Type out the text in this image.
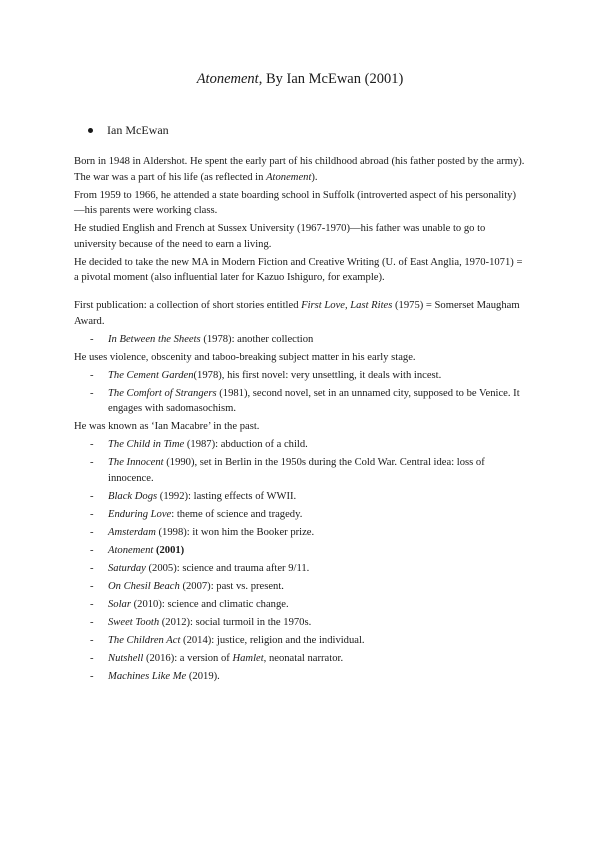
Atonement, By Ian McEwan (2001)
Ian McEwan

Born in 1948 in Aldershot. He spent the early part of his childhood abroad (his father posted by the army). The war was a part of his life (as reflected in Atonement).

From 1959 to 1966, he attended a state boarding school in Suffolk (introverted aspect of his personality)—his parents were working class.

He studied English and French at Sussex University (1967-1970)—his father was unable to go to university because of the need to earn a living.

He decided to take the new MA in Modern Fiction and Creative Writing (U. of East Anglia, 1970-1071) = a pivotal moment (also influential later for Kazuo Ishiguro, for example).

First publication: a collection of short stories entitled First Love, Last Rites (1975) = Somerset Maugham Award.

- In Between the Sheets (1978): another collection

He uses violence, obscenity and taboo-breaking subject matter in his early stage.

- The Cement Garden(1978), his first novel: very unsettling, it deals with incest.
- The Comfort of Strangers (1981), second novel, set in an unnamed city, supposed to be Venice. It engages with sadomasochism.

He was known as ‘Ian Macabre’ in the past.

- The Child in Time (1987): abduction of a child.
- The Innocent (1990), set in Berlin in the 1950s during the Cold War. Central idea: loss of innocence.
- Black Dogs (1992): lasting effects of WWII.
- Enduring Love: theme of science and tragedy.
- Amsterdam (1998): it won him the Booker prize.
- Atonement (2001)
- Saturday (2005): science and trauma after 9/11.
- On Chesil Beach (2007): past vs. present.
- Solar (2010): science and climatic change.
- Sweet Tooth (2012): social turmoil in the 1970s.
- The Children Act (2014): justice, religion and the individual.
- Nutshell (2016): a version of Hamlet, neonatal narrator.
- Machines Like Me (2019).
